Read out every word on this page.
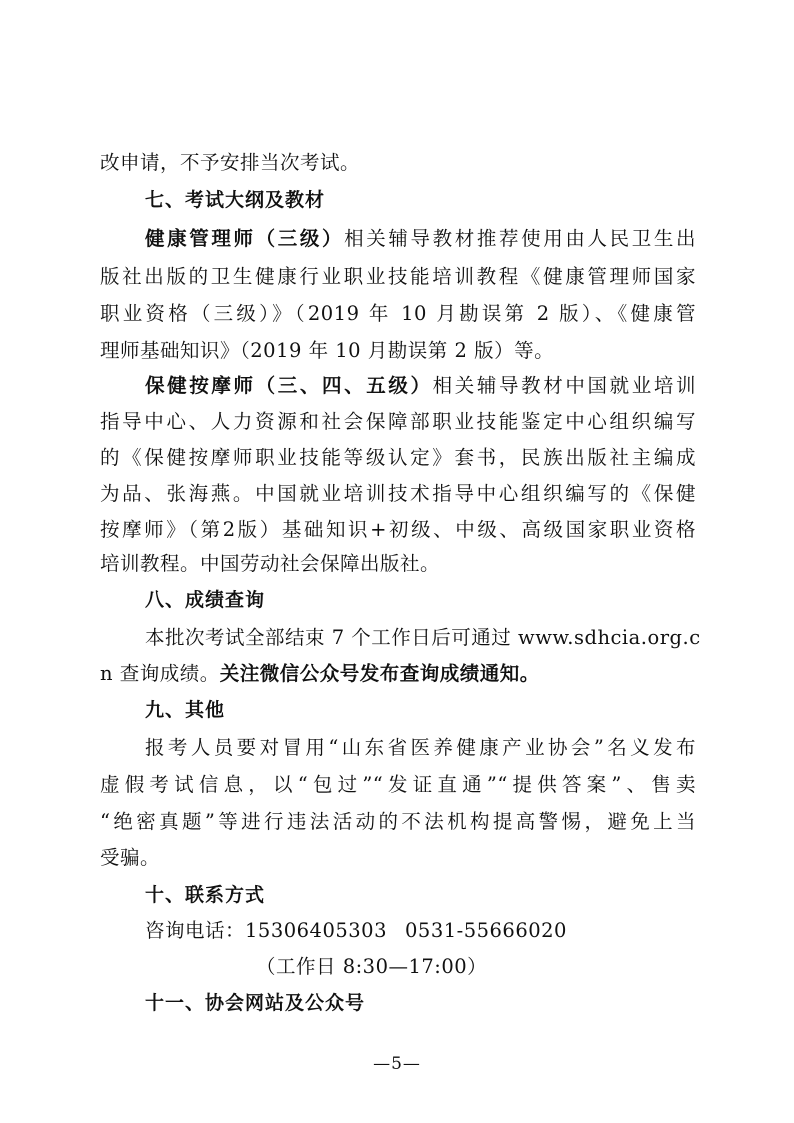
改申请，不予安排当次考试。
七、考试大纲及教材
健康管理师（三级）相关辅导教材推荐使用由人民卫生出
版社出版的卫生健康行业职业技能培训教程《健康管理师国家
职业资格（三级）》（2019 年 10 月勘误第 2 版）、《健康管
理师基础知识》（2019 年 10 月勘误第 2 版）等。
保健按摩师（三、四、五级）相关辅导教材中国就业培训
指导中心、人力资源和社会保障部职业技能鉴定中心组织编写
的《保健按摩师职业技能等级认定》套书，民族出版社主编成
为品、张海燕。中国就业培训技术指导中心组织编写的《保健
按摩师》（第2版）基础知识+初级、中级、高级国家职业资格
培训教程。中国劳动社会保障出版社。
八、成绩查询
本批次考试全部结束 7 个工作日后可通过 www.sdhcia.org.c
n 查询成绩。关注微信公众号发布查询成绩通知。
九、其他
报考人员要对冒用“山东省医养健康产业协会”名义发布
虚假考试信息，以“包过”“发证直通”“提供答案”、售卖
“绝密真题”等进行违法活动的不法机构提高警惕，避免上当
受骗。
十、联系方式
咨询电话：15306405303 0531-55666020
（工作日 8:30—17:00）
十一、协会网站及公众号
—5—
